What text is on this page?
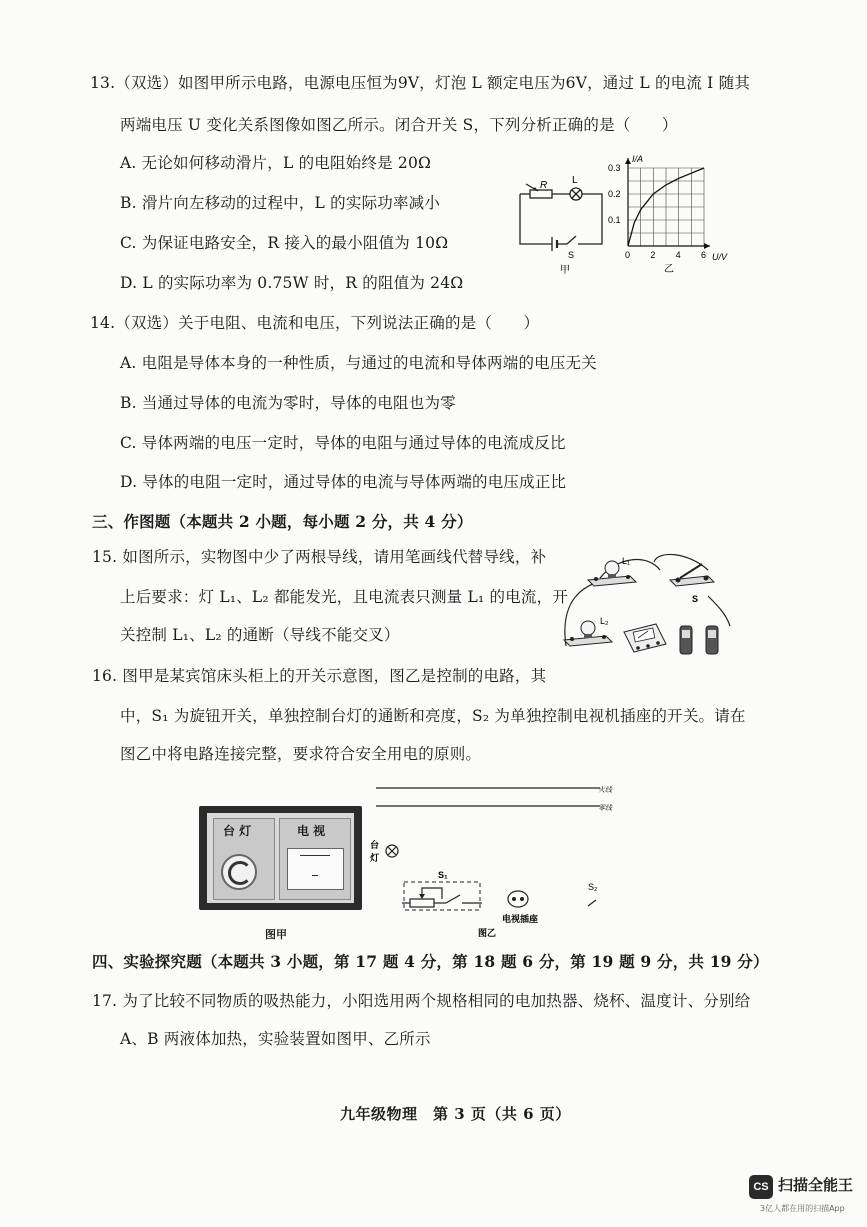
13.（双选）如图甲所示电路，电源电压恒为9V，灯泡 L 额定电压为6V，通过 L 的电流 I 随其
两端电压 U 变化关系图像如图乙所示。闭合开关 S，下列分析正确的是（　　）
A. 无论如何移动滑片，L 的电阻始终是 20Ω
B. 滑片向左移动的过程中，L 的实际功率减小
C. 为保证电路安全，R 接入的最小阻值为 10Ω
D. L 的实际功率为 0.75W 时，R 的阻值为 24Ω
R L
S
甲
I/A
U/V
0.3
0.2
0.1
0 2 4 6
乙
14.（双选）关于电阻、电流和电压，下列说法正确的是（　　）
A. 电阻是导体本身的一种性质，与通过的电流和导体两端的电压无关
B. 当通过导体的电流为零时，导体的电阻也为零
C. 导体两端的电压一定时，导体的电阻与通过导体的电流成反比
D. 导体的电阻一定时，通过导体的电流与导体两端的电压成正比
三、作图题（本题共 2 小题，每小题 2 分，共 4 分）
15. 如图所示，实物图中少了两根导线，请用笔画线代替导线，补
上后要求：灯 L₁、L₂ 都能发光，且电流表只测量 L₁ 的电流，开
关控制 L₁、L₂ 的通断（导线不能交叉）
L₁
S
L₂
16. 图甲是某宾馆床头柜上的开关示意图，图乙是控制的电路，其
中，S₁ 为旋钮开关，单独控制台灯的通断和亮度，S₂ 为单独控制电视机插座的开关。请在
图乙中将电路连接完整，要求符合安全用电的原则。
台 灯	电 视
图甲
火线
零线
台
灯
S₁
电视插座
S₂
图乙
四、实验探究题（本题共 3 小题，第 17 题 4 分，第 18 题 6 分，第 19 题 9 分，共 19 分）
17. 为了比较不同物质的吸热能力，小阳选用两个规格相同的电加热器、烧杯、温度计、分别给
A、B 两液体加热，实验装置如图甲、乙所示
九年级物理　第 3 页（共 6 页）
CS 扫描全能王
3亿人都在用的扫描App
